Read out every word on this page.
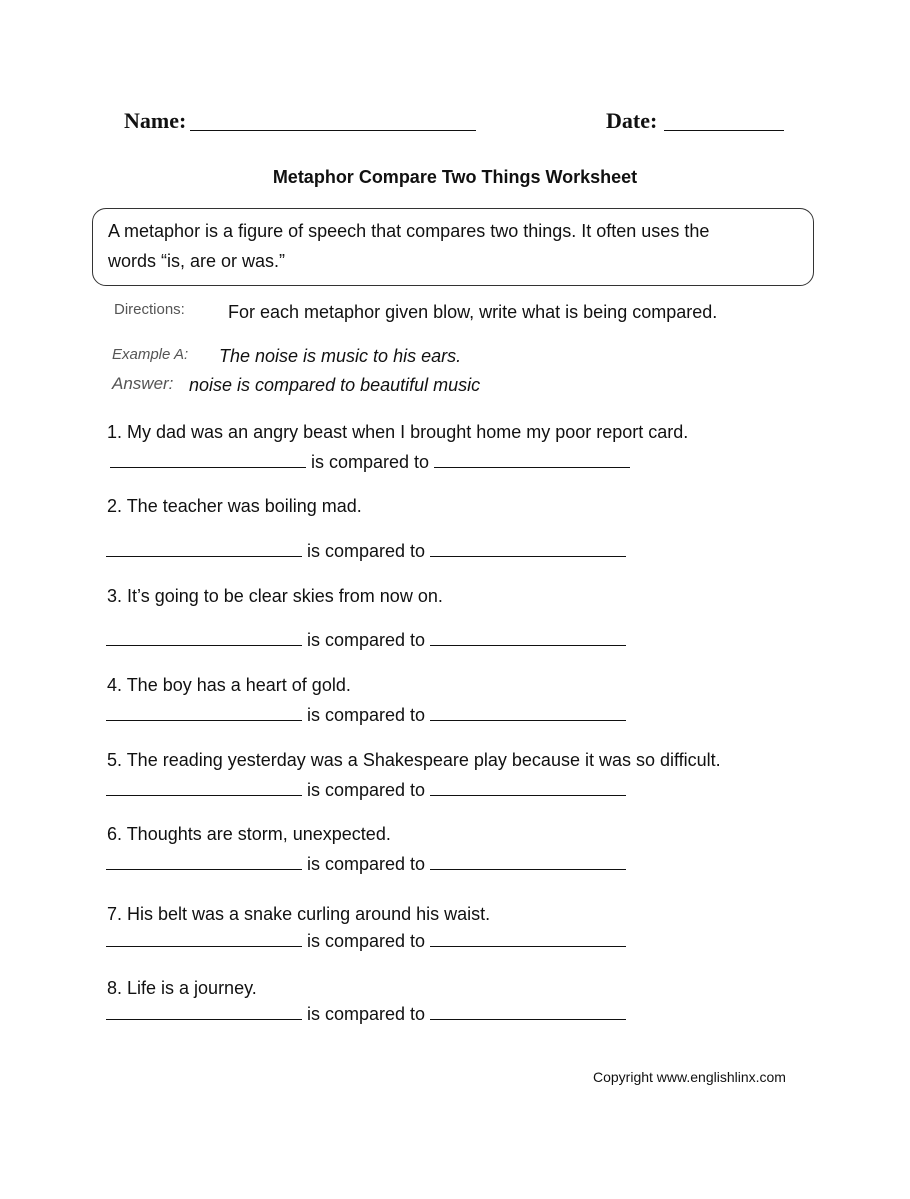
Name:	Date:
Metaphor Compare Two Things Worksheet
A metaphor is a figure of speech that compares two things. It often uses the
words “is, are or was.”
Directions: For each metaphor given blow, write what is being compared.
Example A: The noise is music to his ears.
Answer: noise is compared to beautiful music
1. My dad was an angry beast when I brought home my poor report card.
is compared to
2. The teacher was boiling mad.
is compared to
3. It’s going to be clear skies from now on.
is compared to
4. The boy has a heart of gold.
is compared to
5. The reading yesterday was a Shakespeare play because it was so difficult.
is compared to
6. Thoughts are storm, unexpected.
is compared to
7. His belt was a snake curling around his waist.
is compared to
8. Life is a journey.
is compared to
Copyright www.englishlinx.com
